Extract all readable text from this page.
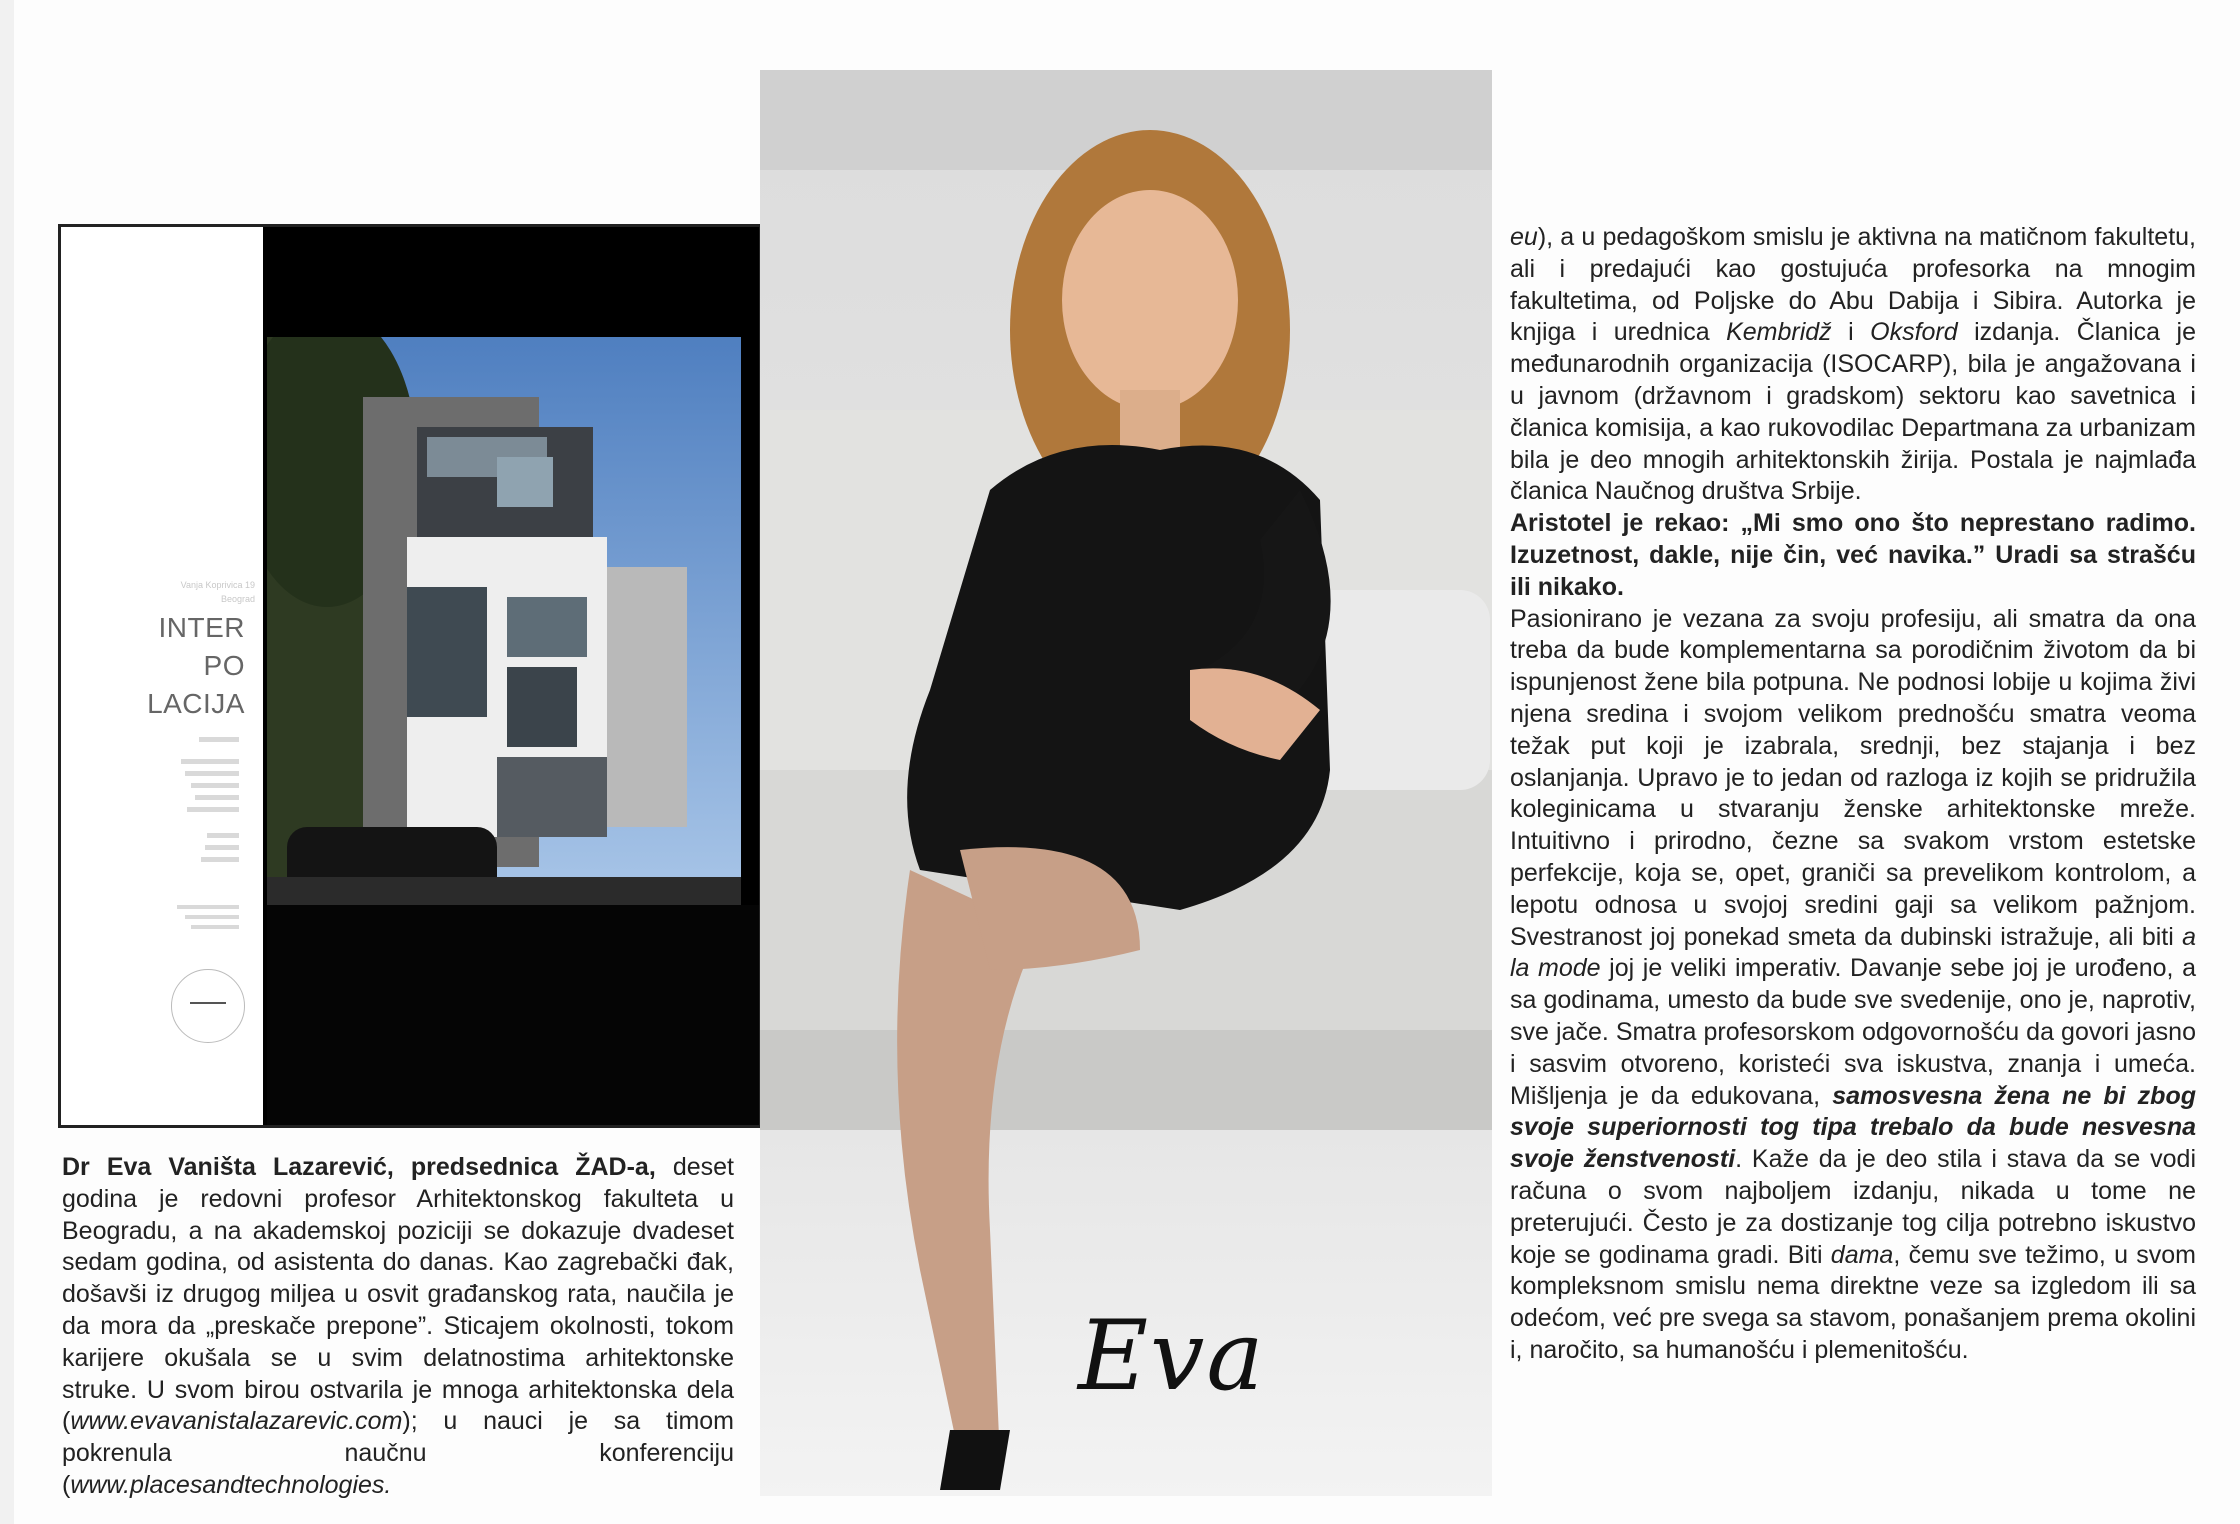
Vanja Koprivica 19
Beograd
INTER
PO
LACIJA
Eva

Dr Eva Vaništa Lazarević, predsednica ŽAD-a, deset godina je redovni profesor Arhitektonskog fakulteta u Beogradu, a na akademskoj poziciji se dokazuje dvadeset sedam godina, od asistenta do danas. Kao zagrebački đak, došavši iz drugog miljea u osvit građanskog rata, naučila je da mora da „preskače prepone”. Sticajem okolnosti, tokom karijere okušala se u svim delatnostima arhitektonske struke. U svom birou ostvarila je mnoga arhitektonska dela (www.evavanistalazarevic.com); u nauci je sa timom pokrenula naučnu konferenciju (www.placesandtechnologies.

eu), a u pedagoškom smislu je aktivna na matičnom fakultetu, ali i predajući kao gostujuća profesorka na mnogim fakultetima, od Poljske do Abu Dabija i Sibira. Autorka je knjiga i urednica Kembridž i Oksford izdanja. Članica je međunarodnih organizacija (ISOCARP), bila je angažovana i u javnom (državnom i gradskom) sektoru kao savetnica i članica komisija, a kao rukovodilac Departmana za urbanizam bila je deo mnogih arhitektonskih žirija. Postala je najmlađa članica Naučnog društva Srbije.

Aristotel je rekao: „Mi smo ono što neprestano radimo. Izuzetnost, dakle, nije čin, već navika.” Uradi sa strašću ili nikako.

Pasionirano je vezana za svoju profesiju, ali smatra da ona treba da bude komplementarna sa porodičnim životom da bi ispunjenost žene bila potpuna. Ne podnosi lobije u kojima živi njena sredina i svojom velikom prednošću smatra veoma težak put koji je izabrala, srednji, bez stajanja i bez oslanjanja. Upravo je to jedan od razloga iz kojih se pridružila koleginicama u stvaranju ženske arhitektonske mreže. Intuitivno i prirodno, čezne sa svakom vrstom estetske perfekcije, koja se, opet, graniči sa prevelikom kontrolom, a lepotu odnosa u svojoj sredini gaji sa velikom pažnjom. Svestranost joj ponekad smeta da dubinski istražuje, ali biti a la mode joj je veliki imperativ. Davanje sebe joj je urođeno, a sa godinama, umesto da bude sve svedenije, ono je, naprotiv, sve jače. Smatra profesorskom odgovornošću da govori jasno i sasvim otvoreno, koristeći sva iskustva, znanja i umeća. Mišljenja je da edukovana, samosvesna žena ne bi zbog svoje superiornosti tog tipa trebalo da bude nesvesna svoje ženstvenosti. Kaže da je deo stila i stava da se vodi računa o svom najboljem izdanju, nikada u tome ne preterujući. Često je za dostizanje tog cilja potrebno iskustvo koje se godinama gradi. Biti dama, čemu sve težimo, u svom kompleksnom smislu nema direktne veze sa izgledom ili sa odećom, već pre svega sa stavom, ponašanjem prema okolini i, naročito, sa humanošću i plemenitošću.
